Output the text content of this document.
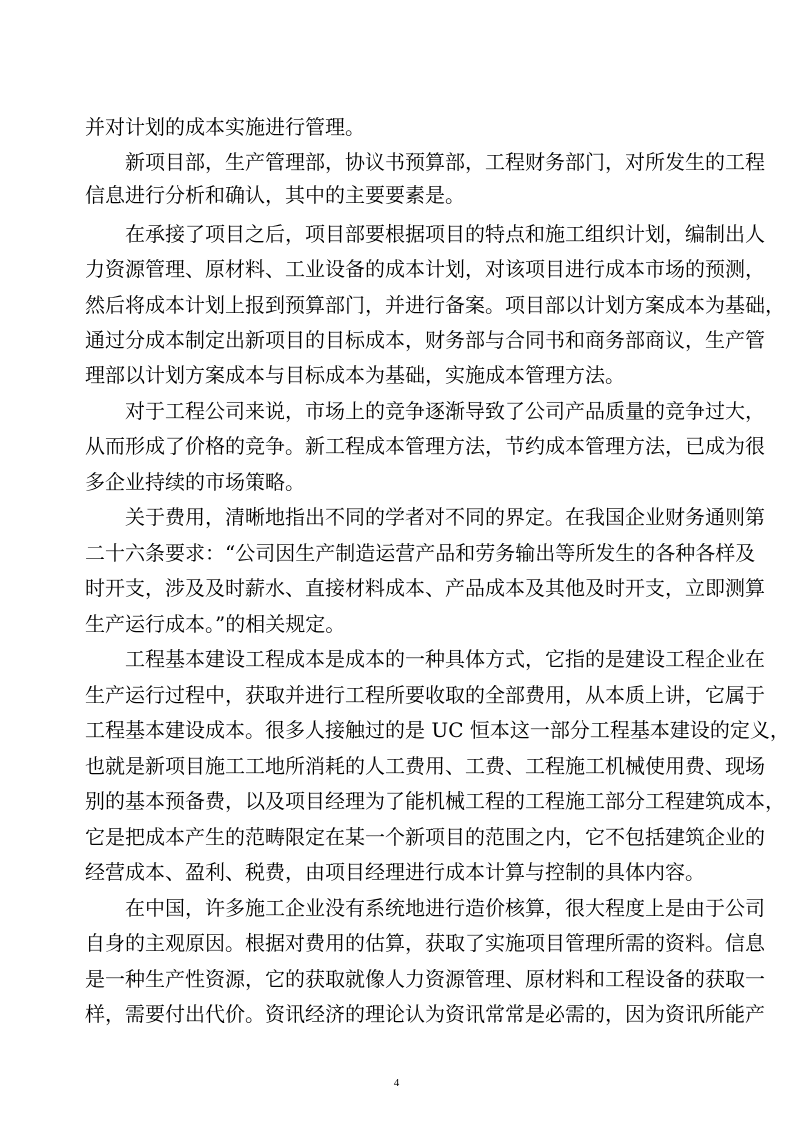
并对计划的成本实施进行管理。
新项目部，生产管理部，协议书预算部，工程财务部门，对所发生的工程
信息进行分析和确认，其中的主要要素是。
在承接了项目之后，项目部要根据项目的特点和施工组织计划，编制出人
力资源管理、原材料、工业设备的成本计划，对该项目进行成本市场的预测，
然后将成本计划上报到预算部门，并进行备案。项目部以计划方案成本为基础，
通过分成本制定出新项目的目标成本，财务部与合同书和商务部商议，生产管
理部以计划方案成本与目标成本为基础，实施成本管理方法。
对于工程公司来说，市场上的竞争逐渐导致了公司产品质量的竞争过大，
从而形成了价格的竞争。新工程成本管理方法，节约成本管理方法，已成为很
多企业持续的市场策略。
关于费用，清晰地指出不同的学者对不同的界定。在我国企业财务通则第
二十六条要求：“公司因生产制造运营产品和劳务输出等所发生的各种各样及
时开支，涉及及时薪水、直接材料成本、产品成本及其他及时开支，立即测算
生产运行成本。”的相关规定。
工程基本建设工程成本是成本的一种具体方式，它指的是建设工程企业在
生产运行过程中，获取并进行工程所要收取的全部费用，从本质上讲，它属于
工程基本建设成本。很多人接触过的是 UC 恒本这一部分工程基本建设的定义，
也就是新项目施工工地所消耗的人工费用、工费、工程施工机械使用费、现场
别的基本预备费，以及项目经理为了能机械工程的工程施工部分工程建筑成本，
它是把成本产生的范畴限定在某一个新项目的范围之内，它不包括建筑企业的
经营成本、盈利、税费，由项目经理进行成本计算与控制的具体内容。
在中国，许多施工企业没有系统地进行造价核算，很大程度上是由于公司
自身的主观原因。根据对费用的估算，获取了实施项目管理所需的资料。信息
是一种生产性资源，它的获取就像人力资源管理、原材料和工程设备的获取一
样，需要付出代价。资讯经济的理论认为资讯常常是必需的，因为资讯所能产
4
